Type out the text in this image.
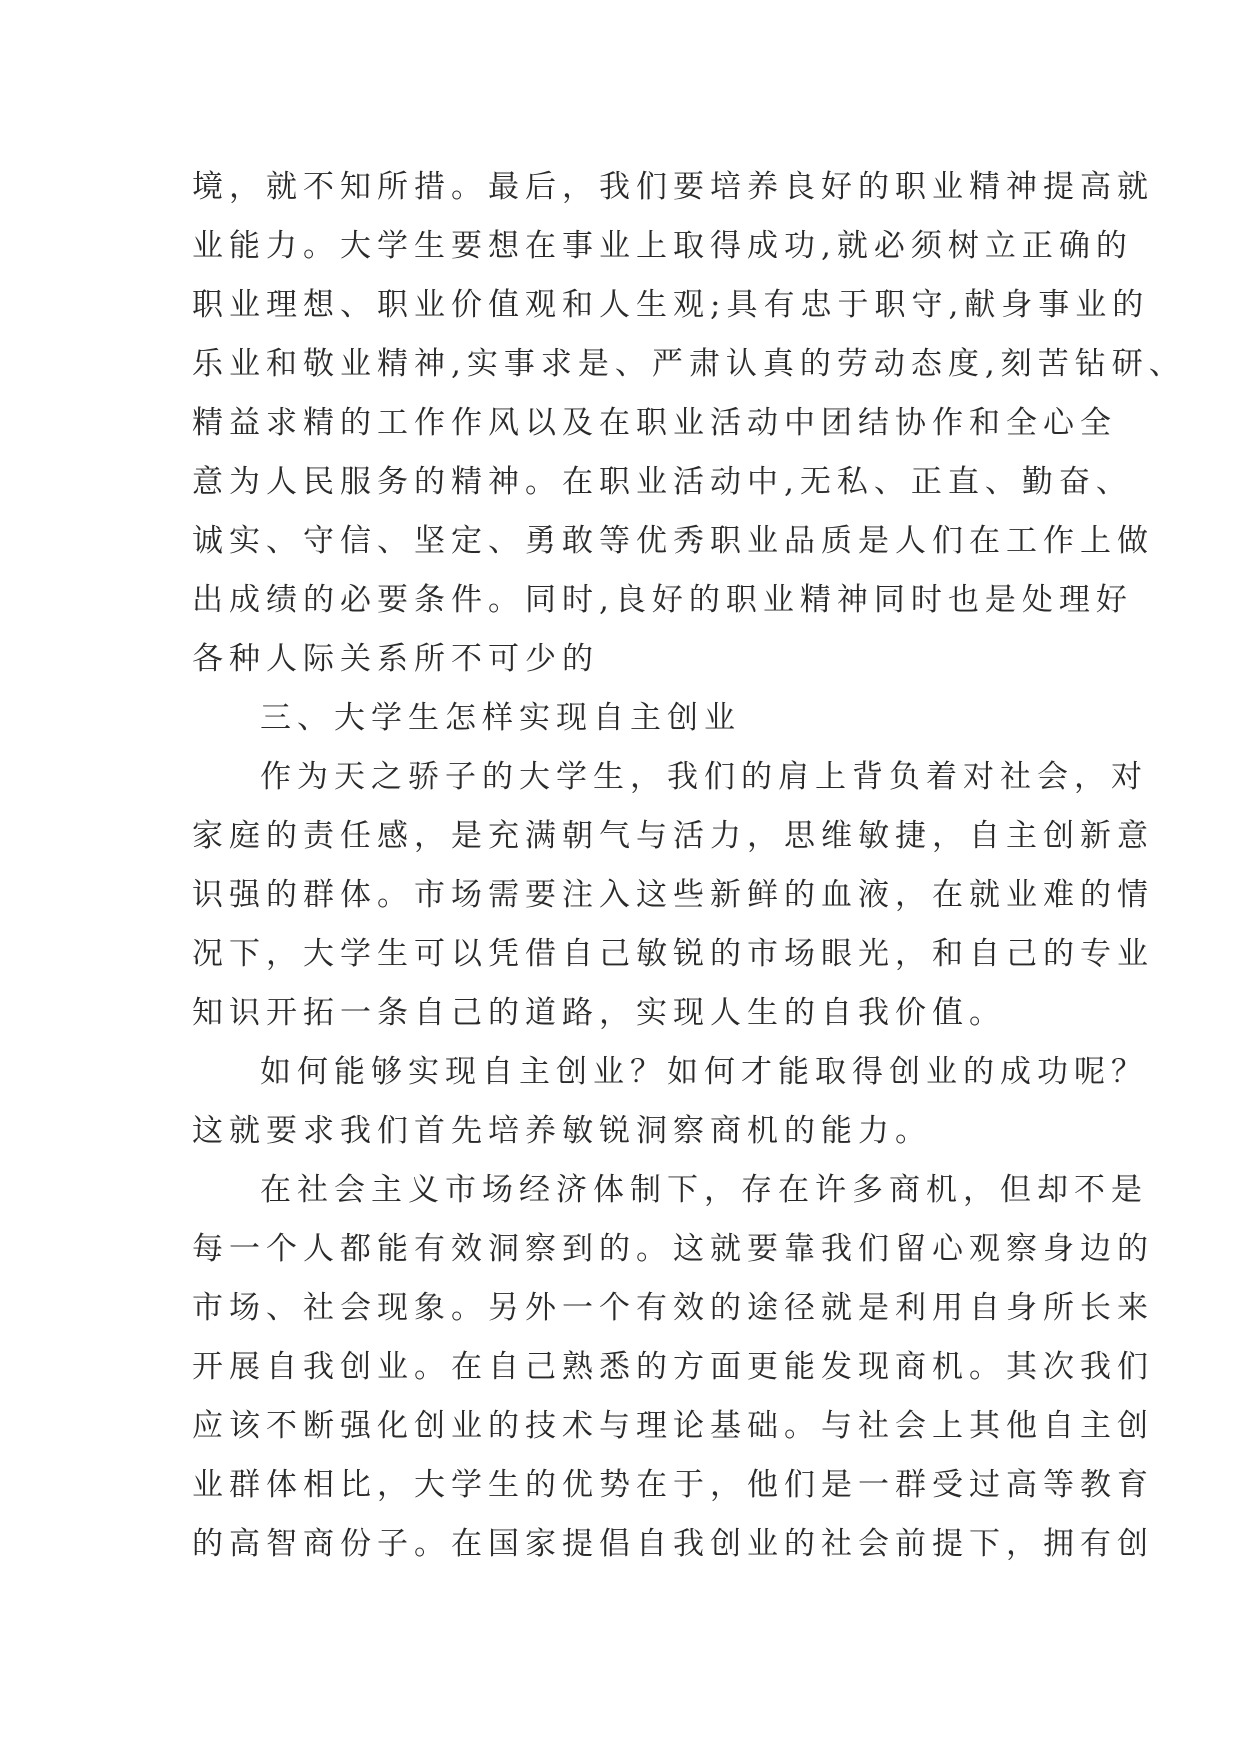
境，就不知所措。最后，我们要培养良好的职业精神提高就
业能力。大学生要想在事业上取得成功,就必须树立正确的
职业理想、职业价值观和人生观;具有忠于职守,献身事业的
乐业和敬业精神,实事求是、严肃认真的劳动态度,刻苦钻研、
精益求精的工作作风以及在职业活动中团结协作和全心全
意为人民服务的精神。在职业活动中,无私、正直、勤奋、
诚实、守信、坚定、勇敢等优秀职业品质是人们在工作上做
出成绩的必要条件。同时,良好的职业精神同时也是处理好
各种人际关系所不可少的
三、大学生怎样实现自主创业
作为天之骄子的大学生，我们的肩上背负着对社会，对
家庭的责任感，是充满朝气与活力，思维敏捷，自主创新意
识强的群体。市场需要注入这些新鲜的血液，在就业难的情
况下，大学生可以凭借自己敏锐的市场眼光，和自己的专业
知识开拓一条自己的道路，实现人生的自我价值。
如何能够实现自主创业？如何才能取得创业的成功呢？
这就要求我们首先培养敏锐洞察商机的能力。
在社会主义市场经济体制下，存在许多商机，但却不是
每一个人都能有效洞察到的。这就要靠我们留心观察身边的
市场、社会现象。另外一个有效的途径就是利用自身所长来
开展自我创业。在自己熟悉的方面更能发现商机。其次我们
应该不断强化创业的技术与理论基础。与社会上其他自主创
业群体相比，大学生的优势在于，他们是一群受过高等教育
的高智商份子。在国家提倡自我创业的社会前提下，拥有创
